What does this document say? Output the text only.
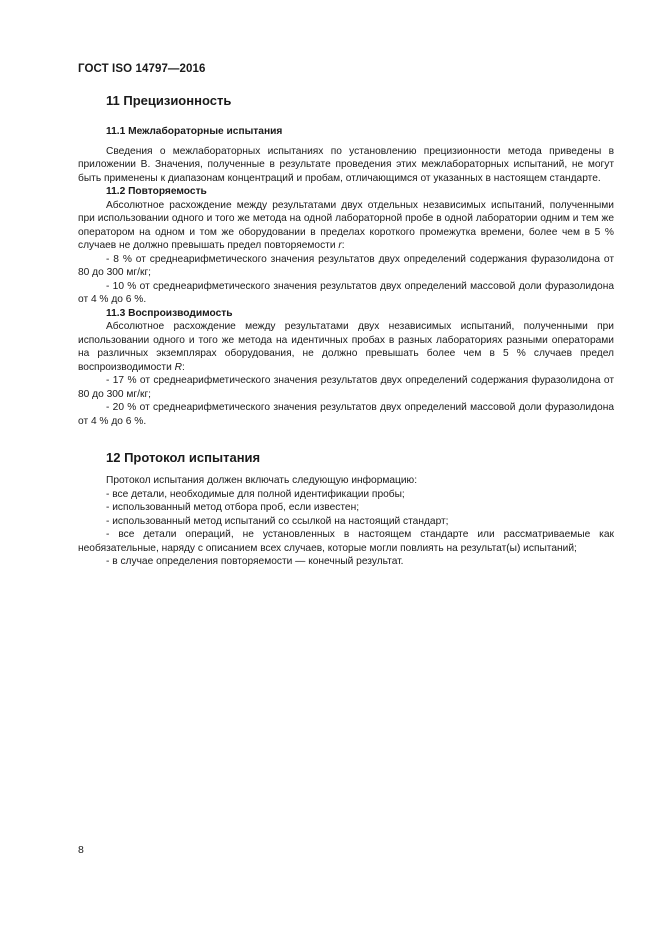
ГОСТ ISO 14797—2016
11 Прецизионность
11.1 Межлабораторные испытания

Сведения о межлабораторных испытаниях по установлению прецизионности метода приведены в приложении В. Значения, полученные в результате проведения этих межлабораторных испытаний, не могут быть применены к диапазонам концентраций и пробам, отличающимся от указанных в настоящем стандарте.

11.2 Повторяемость

Абсолютное расхождение между результатами двух отдельных независимых испытаний, полученными при использовании одного и того же метода на одной лабораторной пробе в одной лаборатории одним и тем же оператором на одном и том же оборудовании в пределах короткого промежутка времени, более чем в 5 % случаев не должно превышать предел повторяемости r:

- 8 % от среднеарифметического значения результатов двух определений содержания фуразолидона от 80 до 300 мг/кг;
- 10 % от среднеарифметического значения результатов двух определений массовой доли фуразолидона от 4 % до 6 %.
11.3 Воспроизводимость

Абсолютное расхождение между результатами двух независимых испытаний, полученными при использовании одного и того же метода на идентичных пробах в разных лабораториях разными операторами на различных экземплярах оборудования, не должно превышать более чем в 5 % случаев предел воспроизводимости R:

- 17 % от среднеарифметического значения результатов двух определений содержания фуразолидона от 80 до 300 мг/кг;
- 20 % от среднеарифметического значения результатов двух определений массовой доли фуразолидона от 4 % до 6 %.
12 Протокол испытания

Протокол испытания должен включать следующую информацию:

- все детали, необходимые для полной идентификации пробы;
- использованный метод отбора проб, если известен;
- использованный метод испытаний со ссылкой на настоящий стандарт;
- все детали операций, не установленных в настоящем стандарте или рассматриваемые как необязательные, наряду с описанием всех случаев, которые могли повлиять на результат(ы) испытаний;
- в случае определения повторяемости — конечный результат.
8
